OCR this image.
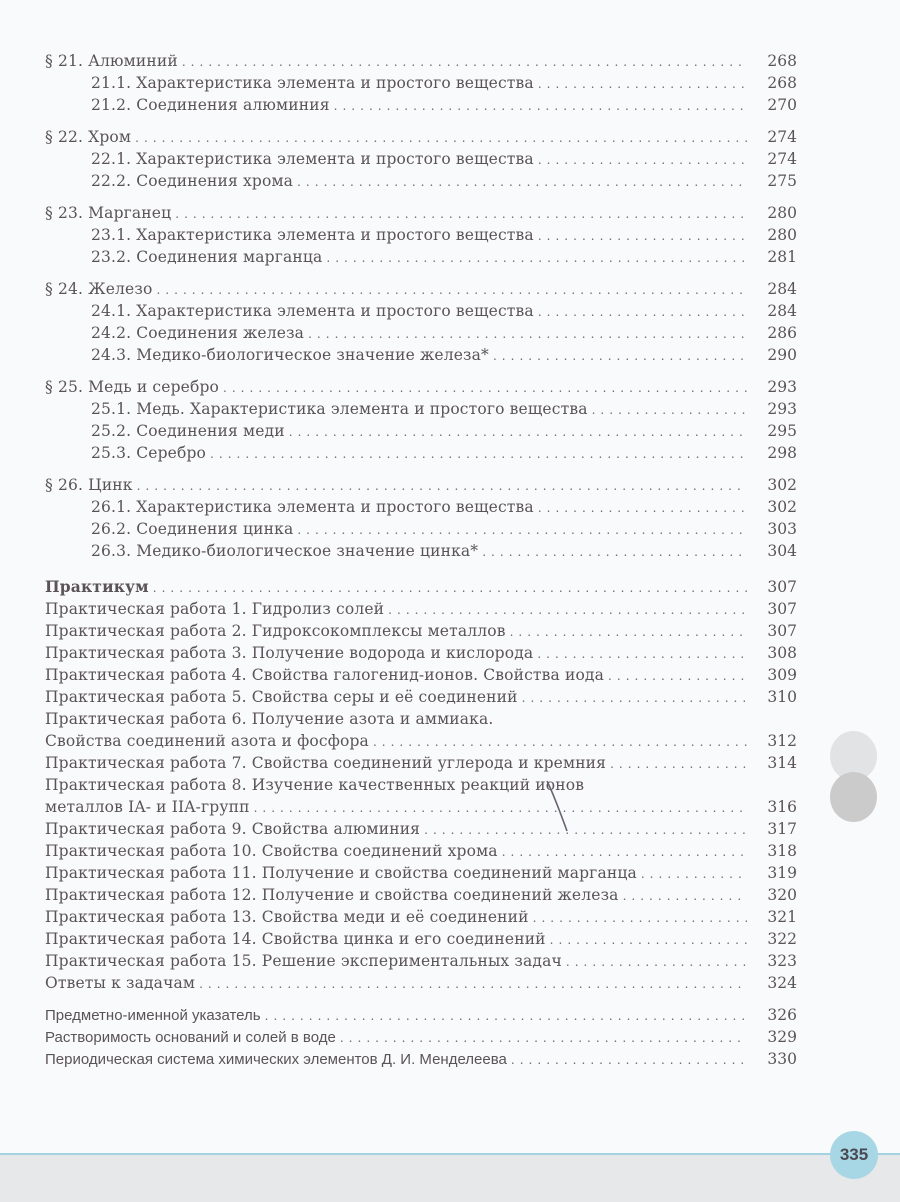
§ 21. Алюминий . . .	268
21.1. Характеристика элемента и простого вещества . . .	268
21.2. Соединения алюминия . . .	270
§ 22. Хром . . .	274
22.1. Характеристика элемента и простого вещества . . .	274
22.2. Соединения хрома . . .	275
§ 23. Марганец . . .	280
23.1. Характеристика элемента и простого вещества . . .	280
23.2. Соединения марганца . . .	281
§ 24. Железо . . .	284
24.1. Характеристика элемента и простого вещества . . .	284
24.2. Соединения железа . . .	286
24.3. Медико-биологическое значение железа* . . .	290
§ 25. Медь и серебро . . .	293
25.1. Медь. Характеристика элемента и простого вещества . . .	293
25.2. Соединения меди . . .	295
25.3. Серебро . . .	298
§ 26. Цинк . . .	302
26.1. Характеристика элемента и простого вещества . . .	302
26.2. Соединения цинка . . .	303
26.3. Медико-биологическое значение цинка* . . .	304
Практикум . . .	307
Практическая работа 1. Гидролиз солей . . .	307
Практическая работа 2. Гидроксокомплексы металлов . . .	307
Практическая работа 3. Получение водорода и кислорода . . .	308
Практическая работа 4. Свойства галогенид-ионов. Свойства иода . . .	309
Практическая работа 5. Свойства серы и её соединений . . .	310
Практическая работа 6. Получение азота и аммиака.
Свойства соединений азота и фосфора . . .	312
Практическая работа 7. Свойства соединений углерода и кремния . . .	314
Практическая работа 8. Изучение качественных реакций ионов
металлов IA- и IIA-групп . . .	316
Практическая работа 9. Свойства алюминия . . .	317
Практическая работа 10. Свойства соединений хрома . . .	318
Практическая работа 11. Получение и свойства соединений марганца . . .	319
Практическая работа 12. Получение и свойства соединений железа . . .	320
Практическая работа 13. Свойства меди и её соединений . . .	321
Практическая работа 14. Свойства цинка и его соединений . . .	322
Практическая работа 15. Решение экспериментальных задач . . .	323
Ответы к задачам . . .	324
Предметно-именной указатель . . .	326
Растворимость оснований и солей в воде . . .	329
Периодическая система химических элементов Д. И. Менделеева . . .	330
335
